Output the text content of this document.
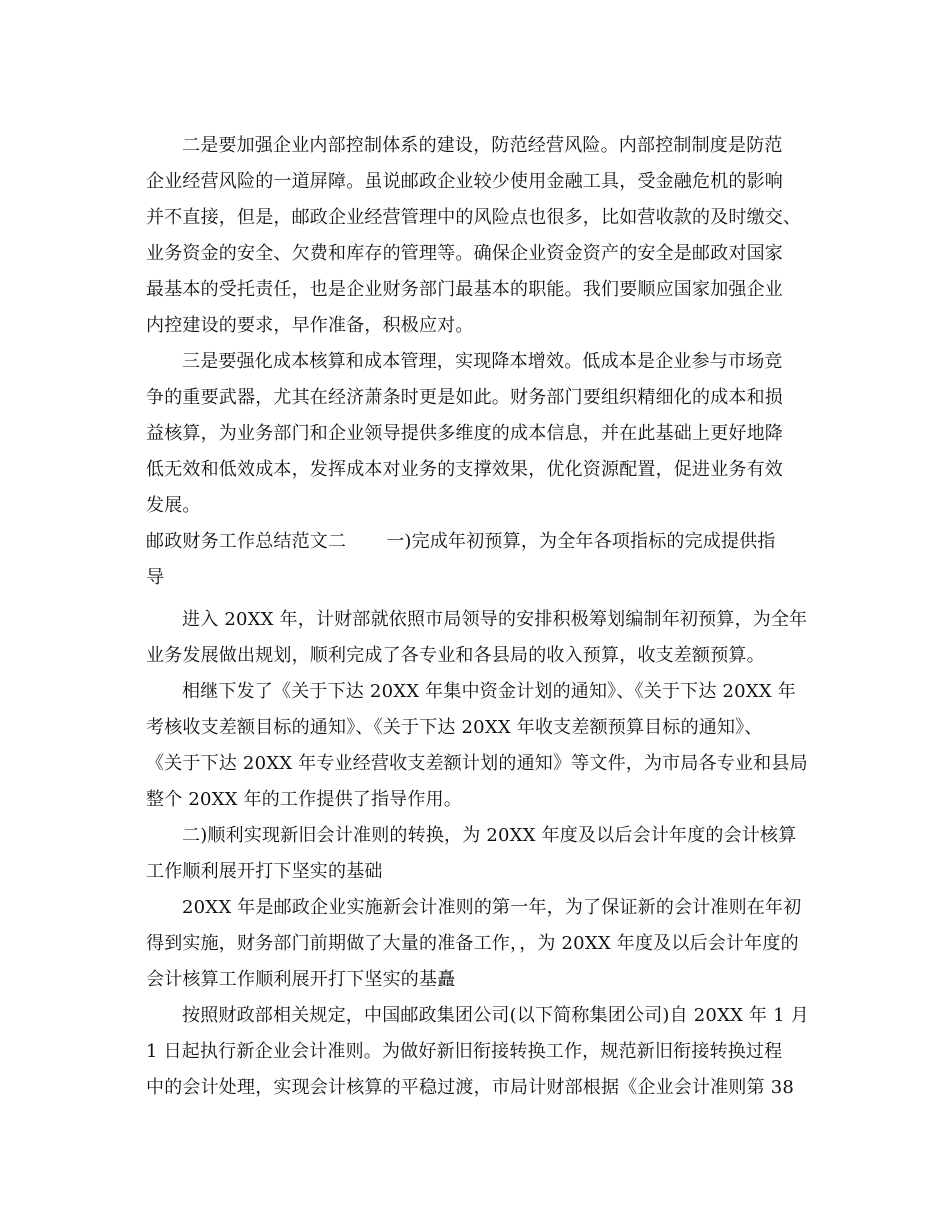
二是要加强企业内部控制体系的建设，防范经营风险。内部控制制度是防范
企业经营风险的一道屏障。虽说邮政企业较少使用金融工具，受金融危机的影响
并不直接，但是，邮政企业经营管理中的风险点也很多，比如营收款的及时缴交、
业务资金的安全、欠费和库存的管理等。确保企业资金资产的安全是邮政对国家
最基本的受托责任，也是企业财务部门最基本的职能。我们要顺应国家加强企业
内控建设的要求，早作准备，积极应对。
三是要强化成本核算和成本管理，实现降本增效。低成本是企业参与市场竞
争的重要武器，尤其在经济萧条时更是如此。财务部门要组织精细化的成本和损
益核算，为业务部门和企业领导提供多维度的成本信息，并在此基础上更好地降
低无效和低效成本，发挥成本对业务的支撑效果，优化资源配置，促进业务有效
发展。
邮政财务工作总结范文二 一)完成年初预算，为全年各项指标的完成提供指
导
进入 20XX 年，计财部就依照市局领导的安排积极筹划编制年初预算，为全年
业务发展做出规划，顺利完成了各专业和各县局的收入预算，收支差额预算。
相继下发了《关于下达 20XX 年集中资金计划的通知》、《关于下达 20XX 年
考核收支差额目标的通知》、《关于下达 20XX 年收支差额预算目标的通知》、
《关于下达 20XX 年专业经营收支差额计划的通知》等文件，为市局各专业和县局
整个 20XX 年的工作提供了指导作用。
二)顺利实现新旧会计准则的转换，为 20XX 年度及以后会计年度的会计核算
工作顺利展开打下坚实的基础
20XX 年是邮政企业实施新会计准则的第一年，为了保证新的会计准则在年初
得到实施，财务部门前期做了大量的准备工作，，为 20XX 年度及以后会计年度的
会计核算工作顺利展开打下坚实的基矗
按照财政部相关规定，中国邮政集团公司(以下简称集团公司)自 20XX 年 1 月
1 日起执行新企业会计准则。为做好新旧衔接转换工作，规范新旧衔接转换过程
中的会计处理，实现会计核算的平稳过渡，市局计财部根据《企业会计准则第 38
